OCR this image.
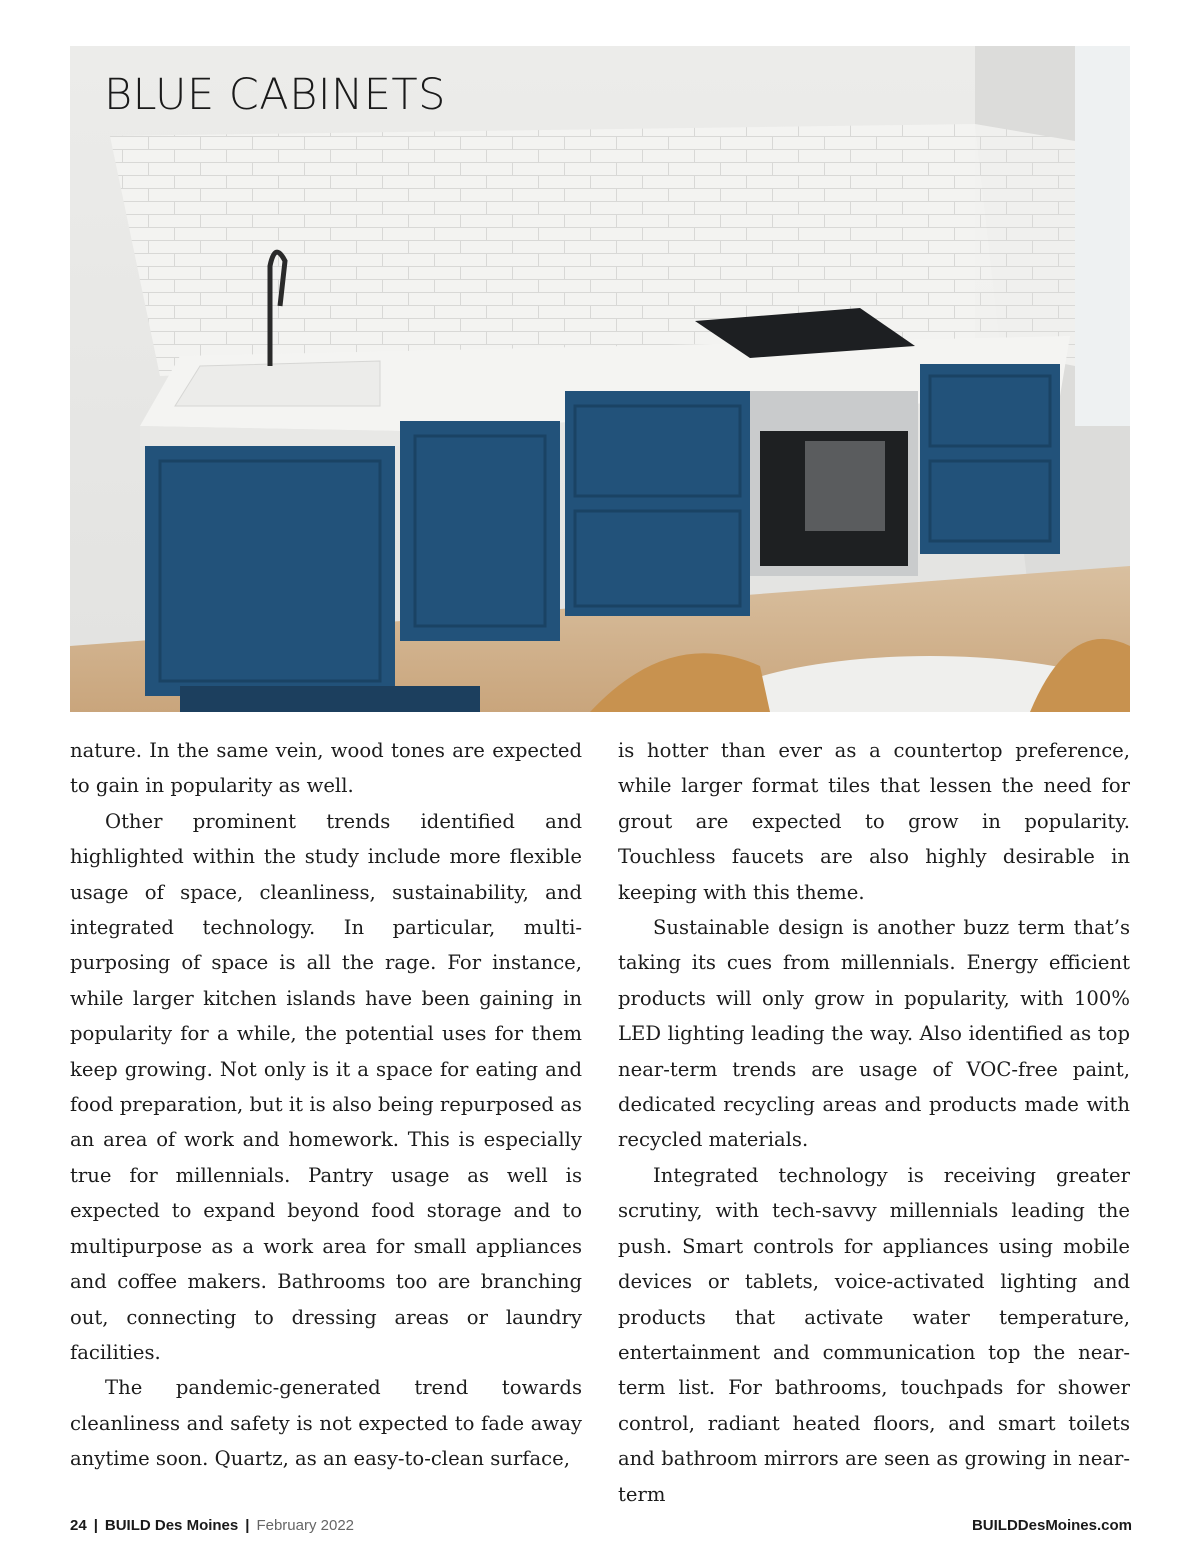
BLUE CABINETS

nature. In the same vein, wood tones are expected to gain in popularity as well.

Other prominent trends identified and highlighted within the study include more flexible usage of space, cleanliness, sustainability, and integrated technology. In particular, multi-purposing of space is all the rage. For instance, while larger kitchen islands have been gaining in popularity for a while, the potential uses for them keep growing. Not only is it a space for eating and food preparation, but it is also being repurposed as an area of work and homework. This is especially true for millennials. Pantry usage as well is expected to expand beyond food storage and to multipurpose as a work area for small appliances and coffee makers. Bathrooms too are branching out, connecting to dressing areas or laundry facilities.

The pandemic-generated trend towards cleanliness and safety is not expected to fade away anytime soon. Quartz, as an easy-to-clean surface,

is hotter than ever as a countertop preference, while larger format tiles that lessen the need for grout are expected to grow in popularity. Touchless faucets are also highly desirable in keeping with this theme.

Sustainable design is another buzz term that’s taking its cues from millennials. Energy efficient products will only grow in popularity, with 100% LED lighting leading the way. Also identified as top near-term trends are usage of VOC-free paint, dedicated recycling areas and products made with recycled materials.

Integrated technology is receiving greater scrutiny, with tech-savvy millennials leading the push. Smart controls for appliances using mobile devices or tablets, voice-activated lighting and products that activate water temperature, entertainment and communication top the near-term list. For bathrooms, touchpads for shower control, radiant heated floors, and smart toilets and bathroom mirrors are seen as growing in near-term

24 | BUILD Des Moines | February 2022	BUILDDesMoines.com
